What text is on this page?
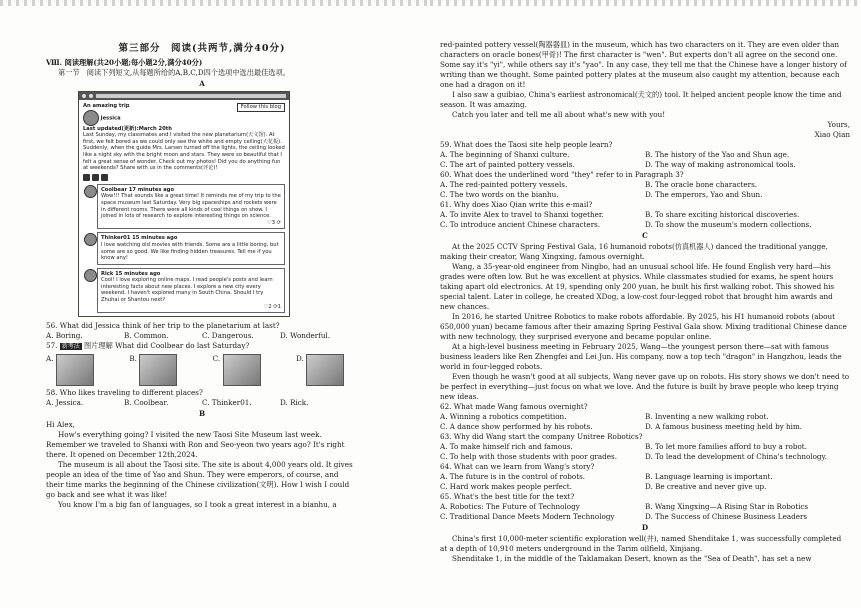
第三部分　阅读(共两节,满分40分)

Ⅷ. 阅读理解(共20小题;每小题2分,满分40分)

第一节　阅读下列短文,从每题所给的A,B,C,D四个选项中选出最佳选项。

A
Follow this blog
An amazing trip
Jessica
Last updated(更新):March 20th
Last Sunday, my classmates and I visited the new planetarium(天文馆). At first, we felt bored as we could only see the white and empty ceiling(天花板). Suddenly, when the guide Mrs. Larsen turned off the lights, the ceiling looked like a night sky with the bright moon and stars. They were so beautiful that I felt a great sense of wonder. Check out my photos! Did you do anything fun at weekends? Share with us in the comments(评论)!
Coolbear 17 minutes ago
Wow!!! That sounds like a great time! It reminds me of my trip to the space museum last Saturday. Very big spaceships and rockets were in different rooms. There were all kinds of cool things on show. I joined in lots of research to explore interesting things on science.
♡3 ⟳
Thinker01 15 minutes ago
I love watching old movies with friends. Some are a little boring, but some are so good. We like finding hidden treasures. Tell me if you know any!
Rick 15 minutes ago
Cool! I love exploring online maps. I read people's posts and learn interesting facts about new places. I explore a new city every weekend. I haven't explored many in South China. Should I try Zhuhai or Shantou next?
♡2 ⟳1

56. What did Jessica think of her trip to the planetarium at last?

A. Boring.	B. Common.	C. Dangerous.	D. Wonderful.

57. 新考法 图片理解 What did Coolbear do last Saturday?

A.	B.	C.	D.

58. Who likes traveling to different places?

A. Jessica.	B. Coolbear.	C. Thinker01.	D. Rick.
B

Hi Alex,

How's everything going? I visited the new Taosi Site Museum last week. Remember we traveled to Shanxi with Ron and Seo-yeon two years ago? It's right there. It opened on December 12th,2024.

The museum is all about the Taosi site. The site is about 4,000 years old. It gives people an idea of the time of Yao and Shun. They were emperors, of course, and their time marks the beginning of the Chinese civilization(文明). How I wish I could go back and see what it was like!

You know I'm a big fan of languages, so I took a great interest in a bianhu, a

red-painted pottery vessel(陶器器皿) in the museum, which has two characters on it. They are even older than characters on oracle bones(甲骨)! The first character is "wen". But experts don't all agree on the second one. Some say it's "yi", while others say it's "yao". In any case, they tell me that the Chinese have a longer history of writing than we thought. Some painted pottery plates at the museum also caught my attention, because each one had a dragon on it!

I also saw a guibiao, China's earliest astronomical(天文的) tool. It helped ancient people know the time and season. It was amazing.

Catch you later and tell me all about what's new with you!

Yours,

Xiao Qian

59. What does the Taosi site help people learn?

A. The beginning of Shanxi culture.	B. The history of the Yao and Shun age.
C. The art of painted pottery vessels.	D. The way of making astronomical tools.

60. What does the underlined word "they" refer to in Paragraph 3?

A. The red-painted pottery vessels.	B. The oracle bone characters.
C. The two words on the bianhu.	D. The emperors, Yao and Shun.

61. Why does Xiao Qian write this e-mail?

A. To invite Alex to travel to Shanxi together.	B. To share exciting historical discoveries.
C. To introduce ancient Chinese characters.	D. To show the museum's modern collections.
C

At the 2025 CCTV Spring Festival Gala, 16 humanoid robots(仿真机器人) danced the traditional yangge, making their creator, Wang Xingxing, famous overnight.

Wang, a 35-year-old engineer from Ningbo, had an unusual school life. He found English very hard—his grades were often low. But he was excellent at physics. While classmates studied for exams, he spent hours taking apart old electronics. At 19, spending only 200 yuan, he built his first walking robot. This showed his special talent. Later in college, he created XDog, a low-cost four-legged robot that brought him awards and new chances.

In 2016, he started Unitree Robotics to make robots affordable. By 2025, his H1 humanoid robots (about 650,000 yuan) became famous after their amazing Spring Festival Gala show. Mixing traditional Chinese dance with new technology, they surprised everyone and became popular online.

At a high-level business meeting in February 2025, Wang—the youngest person there—sat with famous business leaders like Ren Zhengfei and Lei Jun. His company, now a top tech "dragon" in Hangzhou, leads the world in four-legged robots.

Even though he wasn't good at all subjects, Wang never gave up on robots. His story shows we don't need to be perfect in everything—just focus on what we love. And the future is built by brave people who keep trying new ideas.

62. What made Wang famous overnight?

A. Winning a robotics competition.	B. Inventing a new walking robot.
C. A dance show performed by his robots.	D. A famous business meeting held by him.

63. Why did Wang start the company Unitree Robotics?

A. To make himself rich and famous.	B. To let more families afford to buy a robot.
C. To help with those students with poor grades.	D. To lead the development of China's technology.

64. What can we learn from Wang's story?

A. The future is in the control of robots.	B. Language learning is important.
C. Hard work makes people perfect.	D. Be creative and never give up.

65. What's the best title for the text?

A. Robotics: The Future of Technology	B. Wang Xingxing—A Rising Star in Robotics
C. Traditional Dance Meets Modern Technology	D. The Success of Chinese Business Leaders
D

China's first 10,000-meter scientific exploration well(井), named Shenditake 1, was successfully completed at a depth of 10,910 meters underground in the Tarim oilfield, Xinjiang.

Shenditake 1, in the middle of the Taklamakan Desert, known as the "Sea of Death", has set a new
